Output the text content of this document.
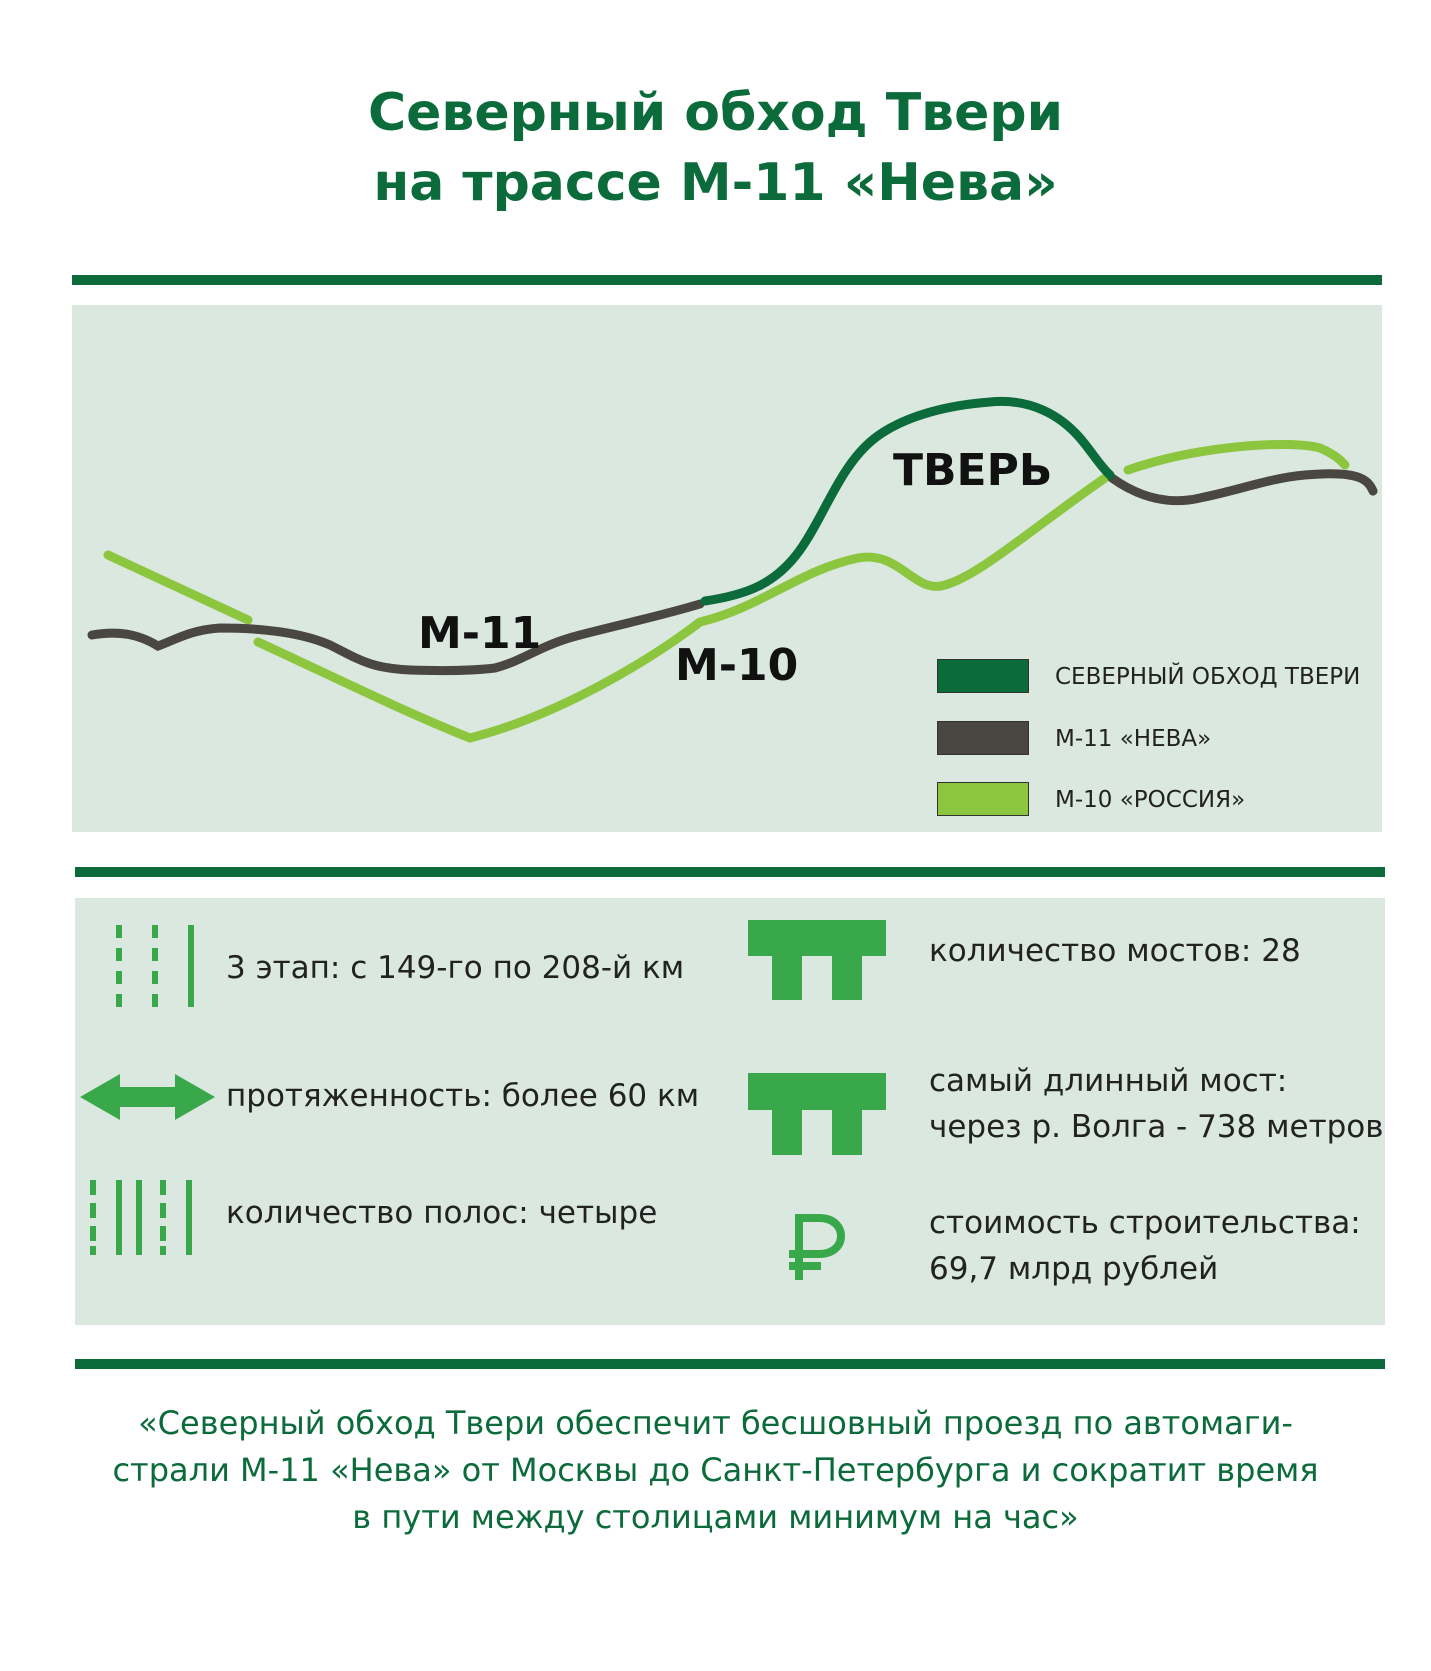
Северный обход Твери
на трассе М-11 «Нева»
ТВЕРЬ
М-11
М-10	СЕВЕРНЫЙ ОБХОД ТВЕРИ
М-11 «НЕВА»
М-10 «РОССИЯ»
3 этап: с 149-го по 208-й км
протяженность: более 60 км
количество полос: четыре
количество мостов: 28
самый длинный мост:
через р. Волга - 738 метров
стоимость строительства:
69,7 млрд рублей
«Северный обход Твери обеспечит бесшовный проезд по автомаги-
страли М-11 «Нева» от Москвы до Санкт-Петербурга и сократит время
в пути между столицами минимум на час»
